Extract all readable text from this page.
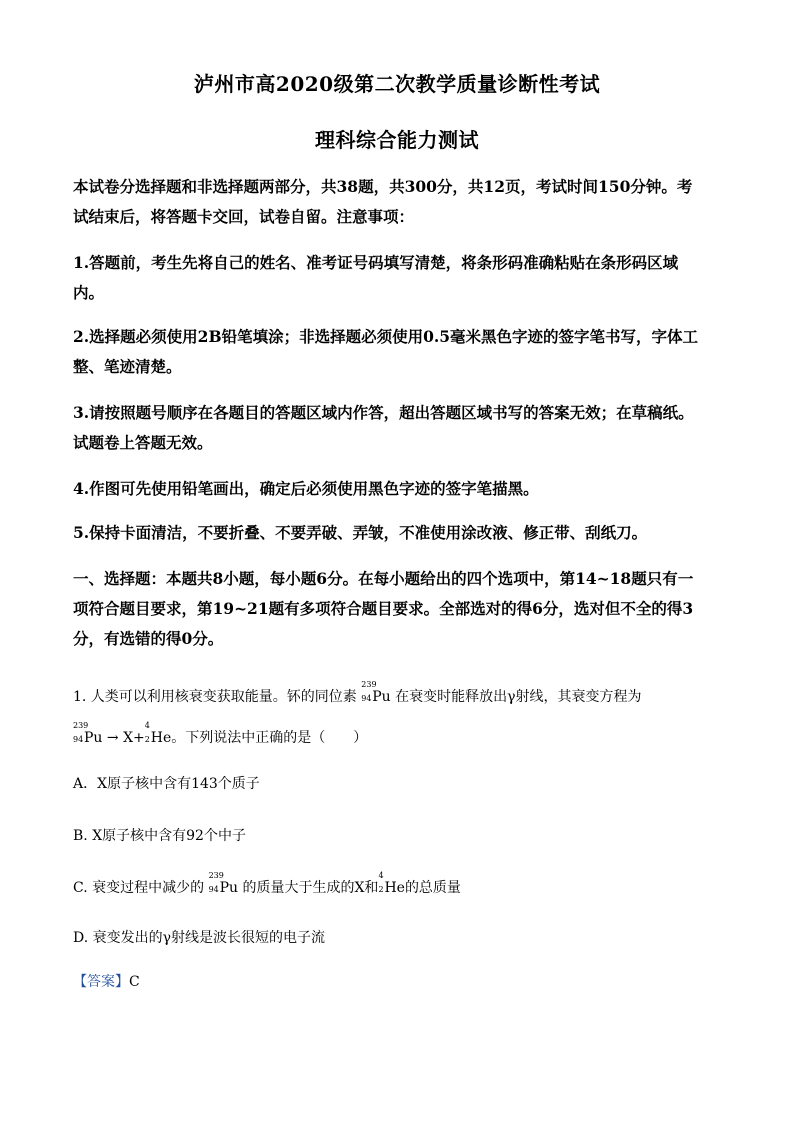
泸州市高2020级第二次教学质量诊断性考试
理科综合能力测试
本试卷分选择题和非选择题两部分，共38题，共300分，共12页，考试时间150分钟。考
试结束后，将答题卡交回，试卷自留。注意事项：
1.答题前，考生先将自己的姓名、准考证号码填写清楚，将条形码准确粘贴在条形码区域
内。
2.选择题必须使用2B铅笔填涂；非选择题必须使用0.5毫米黑色字迹的签字笔书写，字体工
整、笔迹清楚。
3.请按照题号顺序在各题目的答题区域内作答，超出答题区域书写的答案无效；在草稿纸。
试题卷上答题无效。
4.作图可先使用铅笔画出，确定后必须使用黑色字迹的签字笔描黑。
5.保持卡面清洁，不要折叠、不要弄破、弄皱，不准使用涂改液、修正带、刮纸刀。
一、选择题：本题共8小题，每小题6分。在每小题给出的四个选项中，第14~18题只有一
项符合题目要求，第19~21题有多项符合题目要求。全部选对的得6分，选对但不全的得3
分，有选错的得0分。
1. 人类可以利用核衰变获取能量。钚的同位素
239
94 Pu 在衰变时能释放出γ射线，其衰变方程为
239
94 Pu → X+
4
2 He。下列说法中正确的是（　　）
A．X原子核中含有143个质子
B. X原子核中含有92个中子
C. 衰变过程中减少的
239
94 Pu 的质量大于生成的X和
4
2 He的总质量
D. 衰变发出的γ射线是波长很短的电子流
【答案】C
